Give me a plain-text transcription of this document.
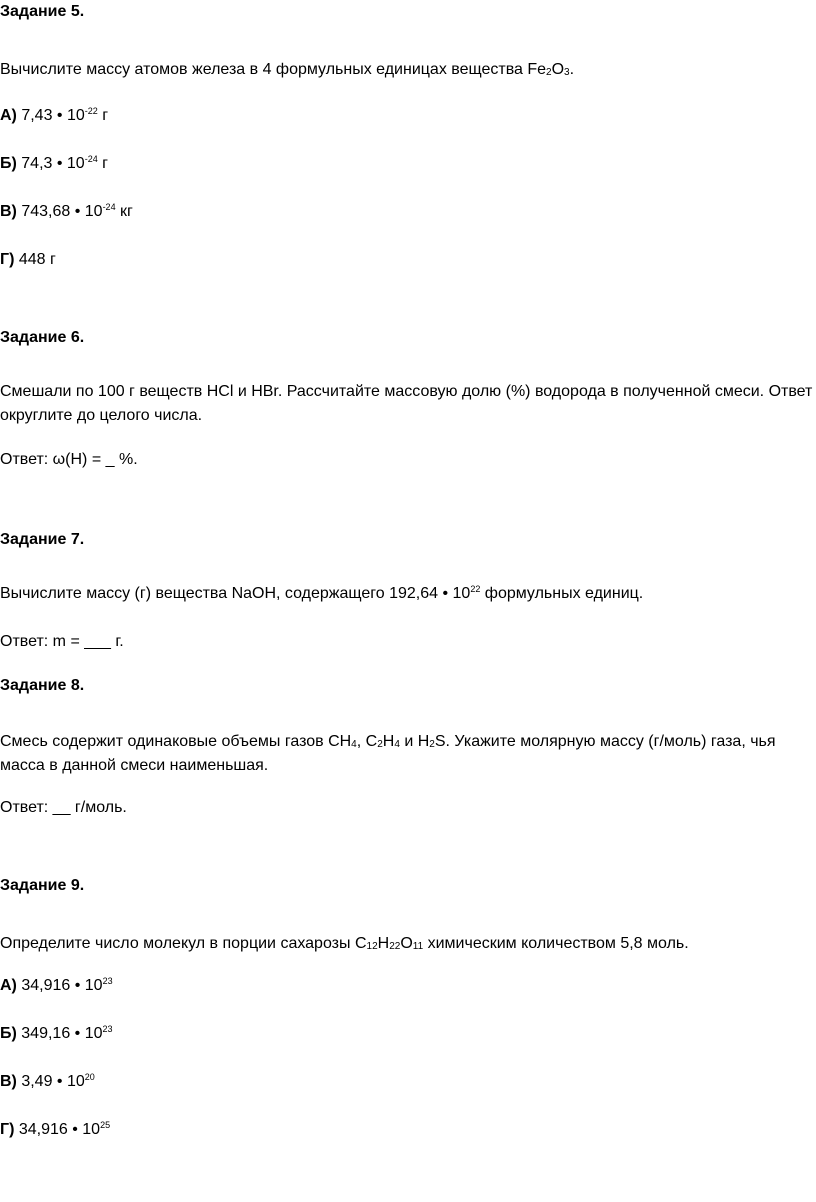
Задание 5.
Вычислите массу атомов железа в 4 формульных единицах вещества $Fe_2O_3$.
А) 7,43 • $10^{-22}$ г
Б) 74,3 • $10^{-24}$ г
В) 743,68 • $10^{-24}$ кг
Г) 448 г
Задание 6.
Смешали по 100 г веществ HCl и HBr. Рассчитайте массовую долю (%) водорода в полученной смеси. Ответ
округлите до целого числа.
Ответ: ω(H) = _ %.
Задание 7.
Вычислите массу (г) вещества NaOH, содержащего 192,64 • $10^{22}$ формульных единиц.
Ответ: m = ___ г.
Задание 8.
Смесь содержит одинаковые объемы газов $CH_4$, $C_2H_4$ и $H_2S$. Укажите молярную массу (г/моль) газа, чья
масса в данной смеси наименьшая.
Ответ: __ г/моль.
Задание 9.
Определите число молекул в порции сахарозы $C_{12}H_{22}O_{11}$ химическим количеством 5,8 моль.
А) 34,916 • $10^{23}$
Б) 349,16 • $10^{23}$
В) 3,49 • $10^{20}$
Г) 34,916 • $10^{25}$
